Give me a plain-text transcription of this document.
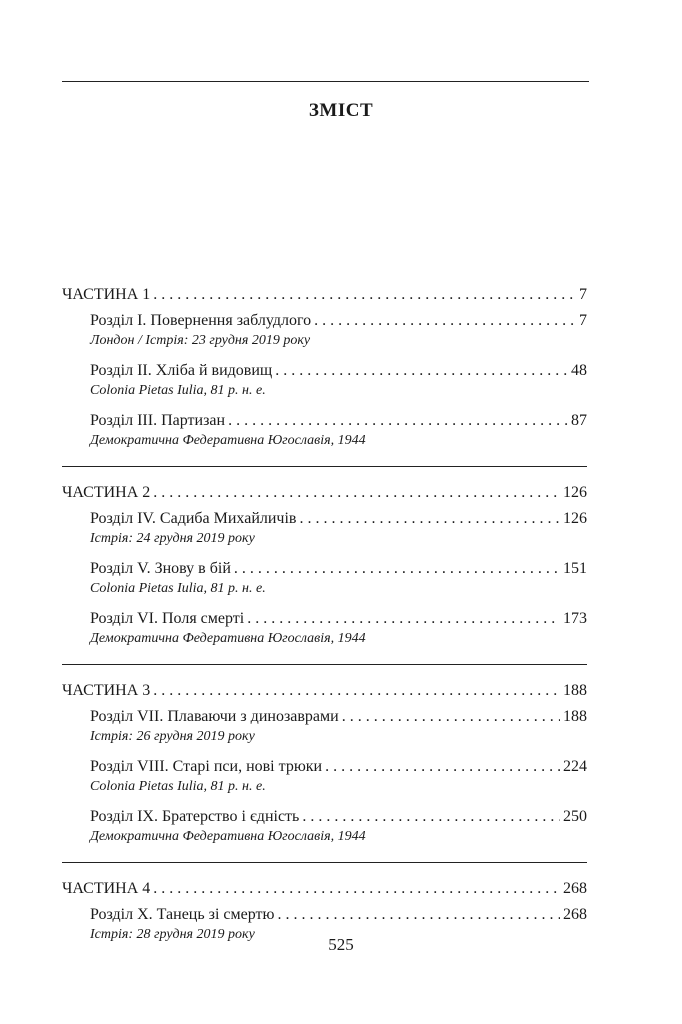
ЗМІСТ
ЧАСТИНА 1 . . .	7
Розділ I. Повернення заблудлого . . .	7
Лондон / Істрія: 23 грудня 2019 року
Розділ II. Хліба й видовищ . . .	48
Colonia Pietas Iulia, 81 р. н. е.
Розділ III. Партизан . . .	87
Демократична Федеративна Югославія, 1944
ЧАСТИНА 2 . . .	126
Розділ IV. Садиба Михайличів . . .	126
Істрія: 24 грудня 2019 року
Розділ V. Знову в бій . . .	151
Colonia Pietas Iulia, 81 р. н. е.
Розділ VI. Поля смерті . . .	173
Демократична Федеративна Югославія, 1944
ЧАСТИНА 3 . . .	188
Розділ VII. Плаваючи з динозаврами . . .	188
Істрія: 26 грудня 2019 року
Розділ VIII. Старі пси, нові трюки . . .	224
Colonia Pietas Iulia, 81 р. н. е.
Розділ IX. Братерство і єдність . . .	250
Демократична Федеративна Югославія, 1944
ЧАСТИНА 4 . . .	268
Розділ X. Танець зі смертю . . .	268
Істрія: 28 грудня 2019 року
525
